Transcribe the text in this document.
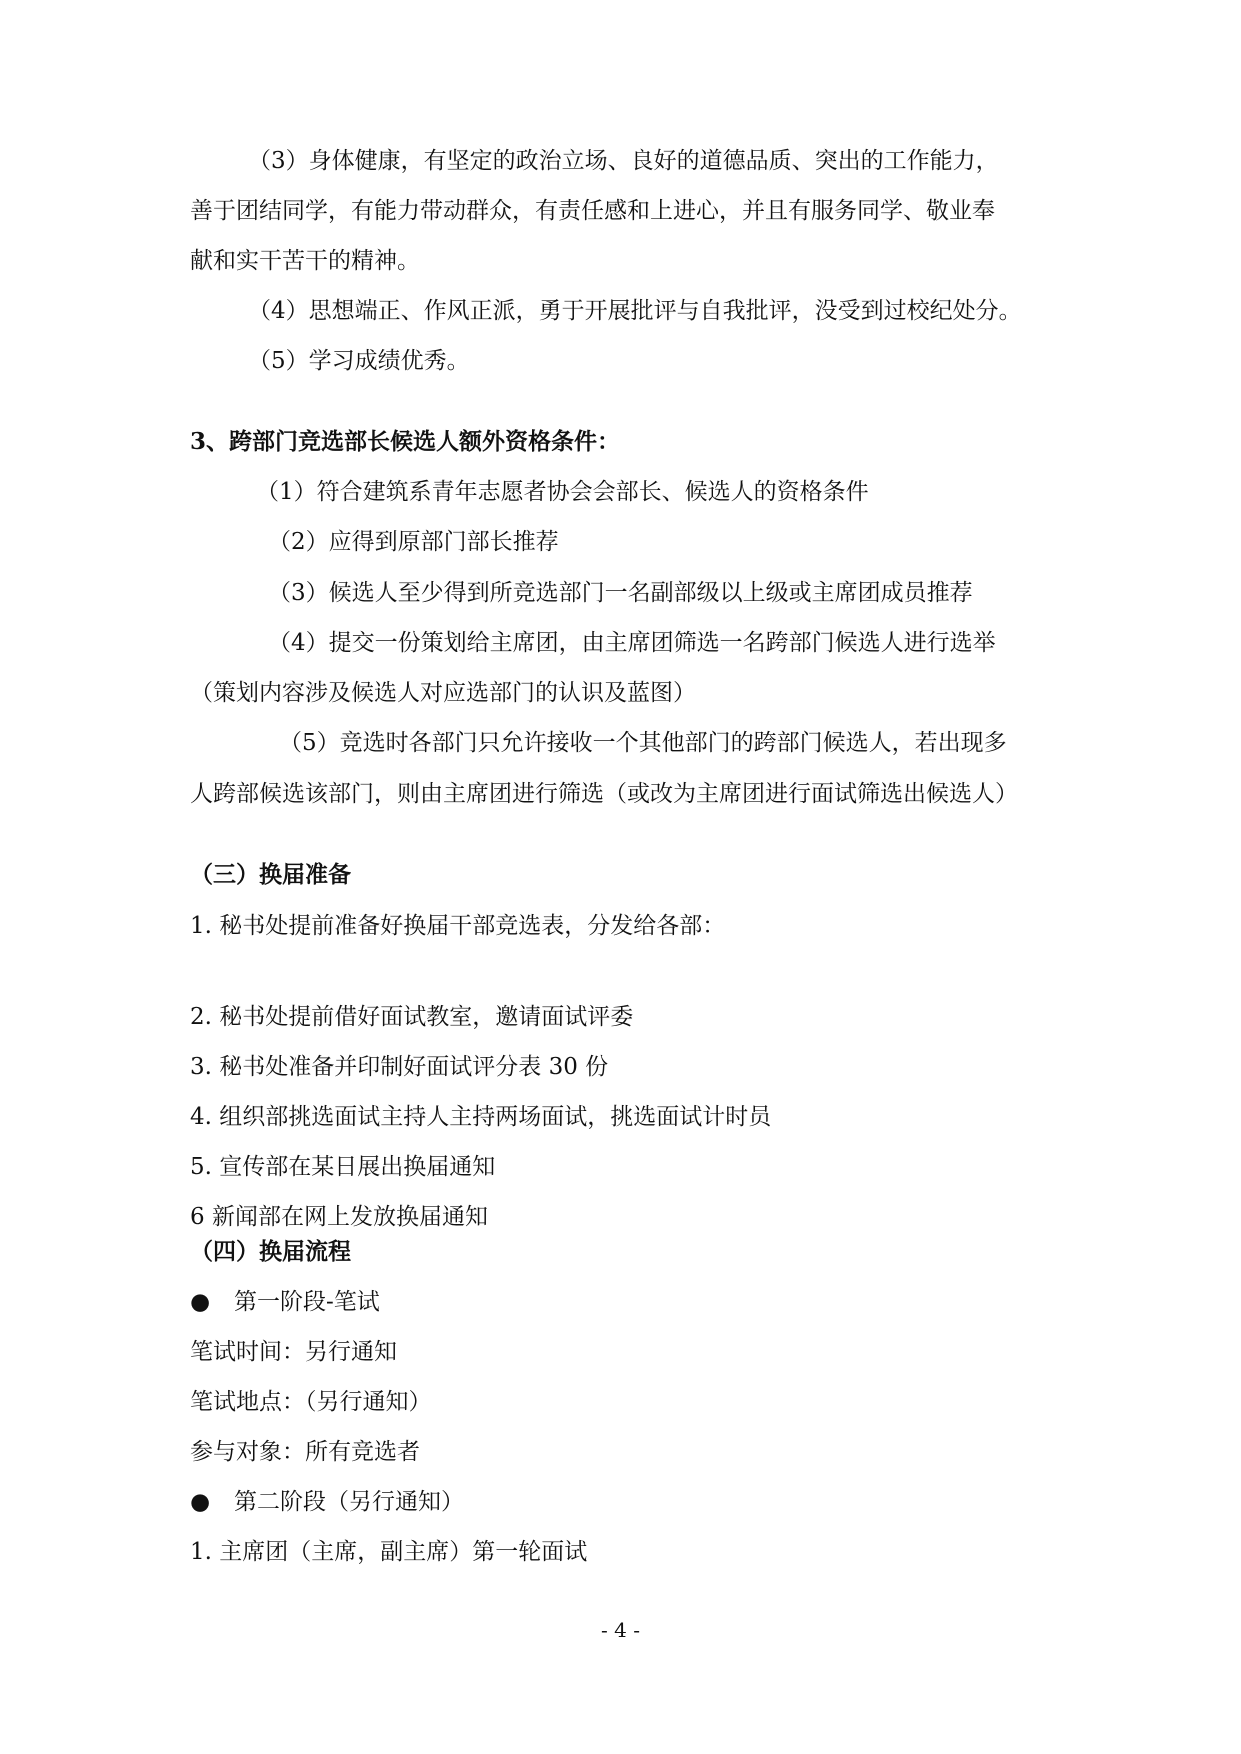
（3）身体健康，有坚定的政治立场、良好的道德品质、突出的工作能力，
善于团结同学，有能力带动群众，有责任感和上进心，并且有服务同学、敬业奉
献和实干苦干的精神。
（4）思想端正、作风正派，勇于开展批评与自我批评，没受到过校纪处分。
（5）学习成绩优秀。
3、跨部门竞选部长候选人额外资格条件：
（1）符合建筑系青年志愿者协会会部长、候选人的资格条件
（2）应得到原部门部长推荐
（3）候选人至少得到所竞选部门一名副部级以上级或主席团成员推荐
（4）提交一份策划给主席团，由主席团筛选一名跨部门候选人进行选举
（策划内容涉及候选人对应选部门的认识及蓝图）
（5）竞选时各部门只允许接收一个其他部门的跨部门候选人，若出现多
人跨部候选该部门，则由主席团进行筛选（或改为主席团进行面试筛选出候选人）
（三）换届准备
1. 秘书处提前准备好换届干部竞选表，分发给各部：
2. 秘书处提前借好面试教室，邀请面试评委
3. 秘书处准备并印制好面试评分表 30 份
4. 组织部挑选面试主持人主持两场面试，挑选面试计时员
5. 宣传部在某日展出换届通知
6 新闻部在网上发放换届通知
（四）换届流程
● 第一阶段-笔试
笔试时间：另行通知
笔试地点：（另行通知）
参与对象：所有竞选者
● 第二阶段（另行通知）
1. 主席团（主席，副主席）第一轮面试
- 4 -
